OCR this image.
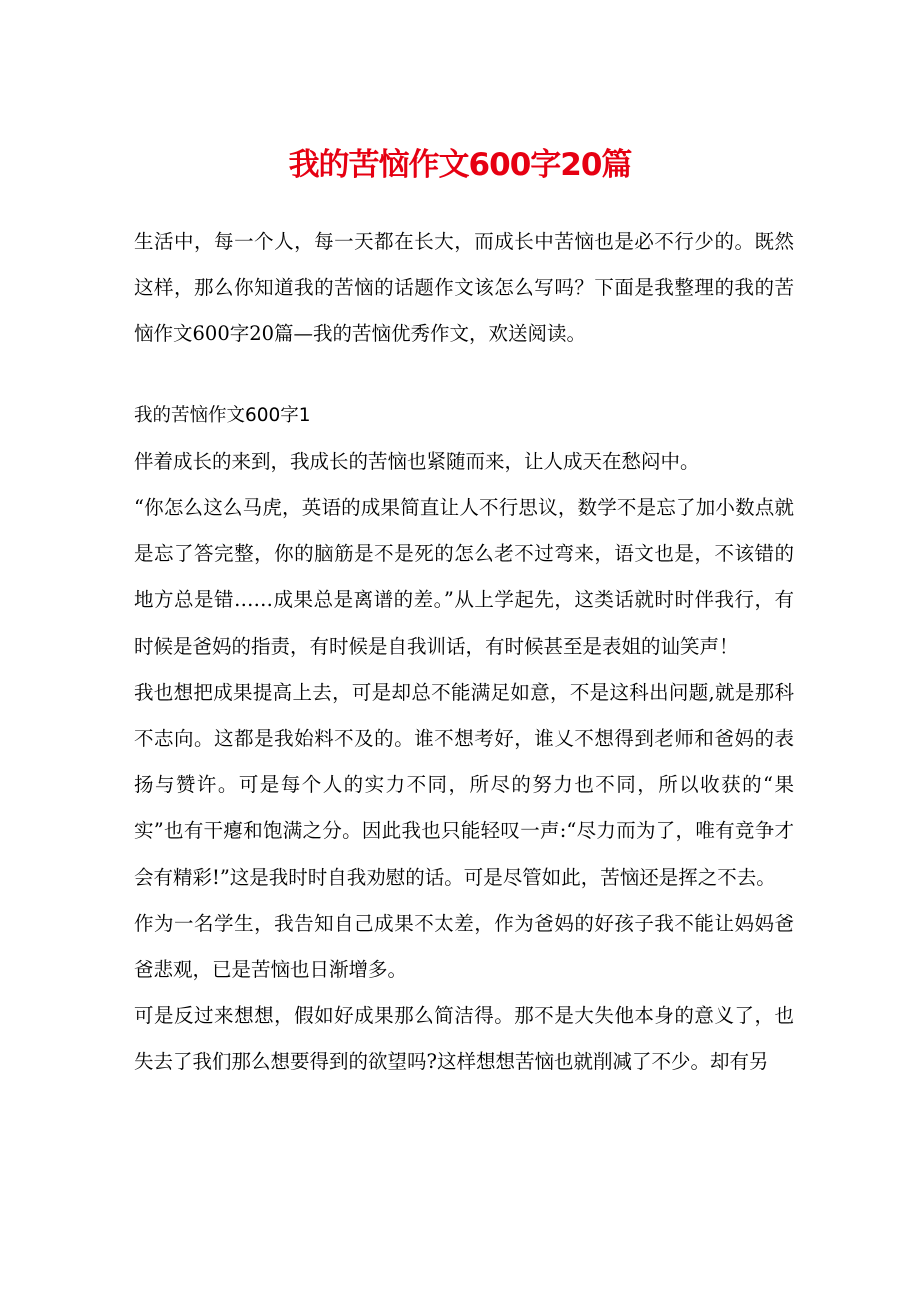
我的苦恼作文600字20篇

生活中，每一个人，每一天都在长大，而成长中苦恼也是必不行少的。既然这样，那么你知道我的苦恼的话题作文该怎么写吗？下面是我整理的我的苦恼作文600字20篇—我的苦恼优秀作文，欢送阅读。

我的苦恼作文600字1

伴着成长的来到，我成长的苦恼也紧随而来，让人成天在愁闷中。

“你怎么这么马虎，英语的成果简直让人不行思议，数学不是忘了加小数点就是忘了答完整，你的脑筋是不是死的怎么老不过弯来，语文也是，不该错的地方总是错……成果总是离谱的差。”从上学起先，这类话就时时伴我行，有时候是爸妈的指责，有时候是自我训话，有时候甚至是表姐的讪笑声！

我也想把成果提高上去，可是却总不能满足如意，不是这科出问题,就是那科不志向。这都是我始料不及的。谁不想考好，谁乂不想得到老师和爸妈的表扬与赞许。可是每个人的实力不同，所尽的努力也不同，所以收获的“果实”也有干瘪和饱满之分。因此我也只能轻叹一声:“尽力而为了，唯有竞争才会有精彩!”这是我时时自我劝慰的话。可是尽管如此，苦恼还是挥之不去。

作为一名学生，我告知自己成果不太差，作为爸妈的好孩子我不能让妈妈爸爸悲观，已是苦恼也日渐增多。

可是反过来想想，假如好成果那么简洁得。那不是大失他本身的意义了，也失去了我们那么想要得到的欲望吗?这样想想苦恼也就削减了不少。却有另
